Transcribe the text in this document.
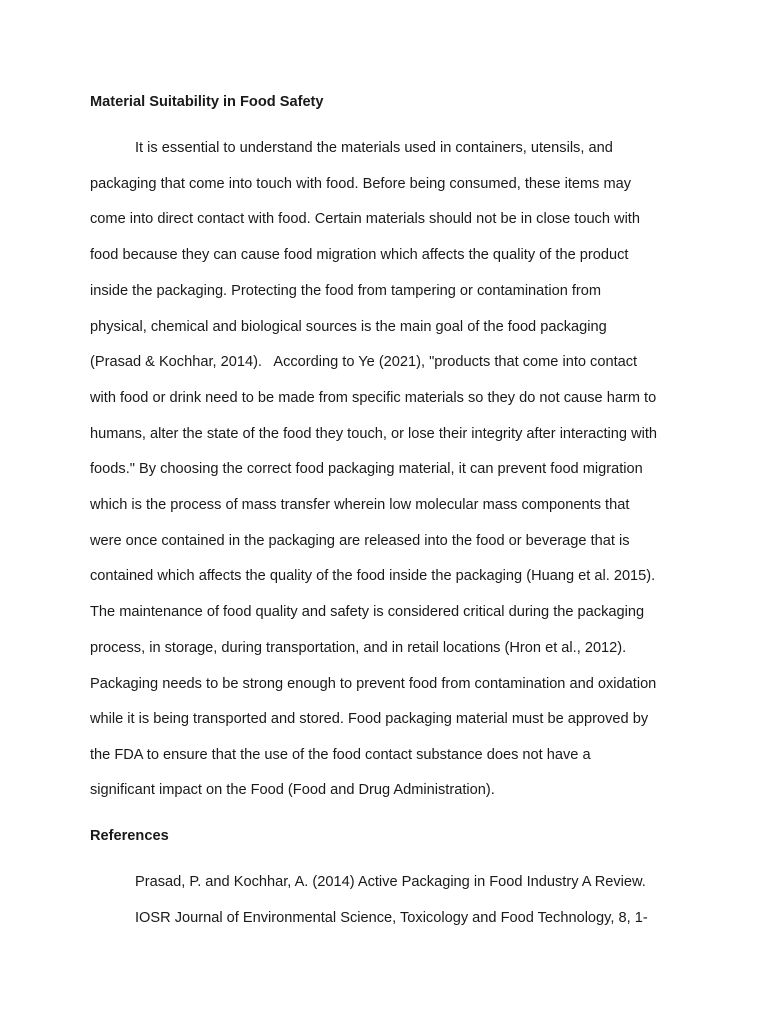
Material Suitability in Food Safety

It is essential to understand the materials used in containers, utensils, and

packaging that come into touch with food. Before being consumed, these items may

come into direct contact with food. Certain materials should not be in close touch with

food because they can cause food migration which affects the quality of the product

inside the packaging. Protecting the food from tampering or contamination from

physical, chemical and biological sources is the main goal of the food packaging

(Prasad & Kochhar, 2014).   According to Ye (2021), "products that come into contact

with food or drink need to be made from specific materials so they do not cause harm to

humans, alter the state of the food they touch, or lose their integrity after interacting with

foods." By choosing the correct food packaging material, it can prevent food migration

which is the process of mass transfer wherein low molecular mass components that

were once contained in the packaging are released into the food or beverage that is

contained which affects the quality of the food inside the packaging (Huang et al. 2015).

The maintenance of food quality and safety is considered critical during the packaging

process, in storage, during transportation, and in retail locations (Hron et al., 2012).

Packaging needs to be strong enough to prevent food from contamination and oxidation

while it is being transported and stored. Food packaging material must be approved by

the FDA to ensure that the use of the food contact substance does not have a

significant impact on the Food (Food and Drug Administration).

References

Prasad, P. and Kochhar, A. (2014) Active Packaging in Food Industry A Review.

IOSR Journal of Environmental Science, Toxicology and Food Technology, 8, 1-
